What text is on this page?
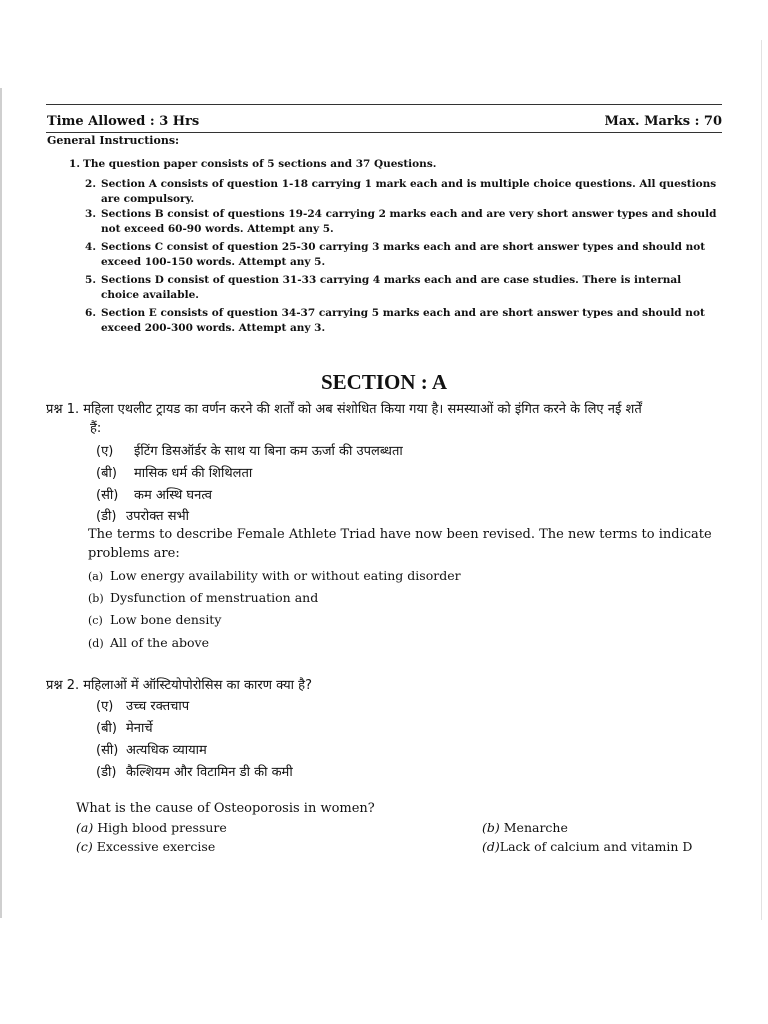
Time Allowed : 3 Hrs	Max. Marks : 70
General Instructions:
1. The question paper consists of 5 sections and 37 Questions.
2. Section A consists of question 1-18 carrying 1 mark each and is multiple choice questions. All questions
are compulsory.
3. Sections B consist of questions 19-24 carrying 2 marks each and are very short answer types and should
not exceed 60-90 words. Attempt any 5.
4. Sections C consist of question 25-30 carrying 3 marks each and are short answer types and should not
exceed 100-150 words. Attempt any 5.
5. Sections D consist of question 31-33 carrying 4 marks each and are case studies. There is internal
choice available.
6. Section E consists of question 34-37 carrying 5 marks each and are short answer types and should not
exceed 200-300 words. Attempt any 3.
SECTION : A
प्रश्न 1. महिला एथलीट ट्रायड का वर्णन करने की शर्तों को अब संशोधित किया गया है। समस्याओं को इंगित करने के लिए नई शर्तें
हैं:
(ए) ईटिंग डिसऑर्डर के साथ या बिना कम ऊर्जा की उपलब्धता
(बी) मासिक धर्म की शिथिलता
(सी) कम अस्थि घनत्व
(डी) उपरोक्त सभी
The terms to describe Female Athlete Triad have now been revised. The new terms to indicate
problems are:
(a) Low energy availability with or without eating disorder
(b) Dysfunction of menstruation and
(c) Low bone density
(d) All of the above
प्रश्न 2. महिलाओं में ऑस्टियोपोरोसिस का कारण क्या है?
(ए) उच्च रक्तचाप
(बी) मेनार्चे
(सी) अत्यधिक व्यायाम
(डी) कैल्शियम और विटामिन डी की कमी
What is the cause of Osteoporosis in women?
(a) High blood pressure	(b) Menarche
(c) Excessive exercise	(d)Lack of calcium and vitamin D
